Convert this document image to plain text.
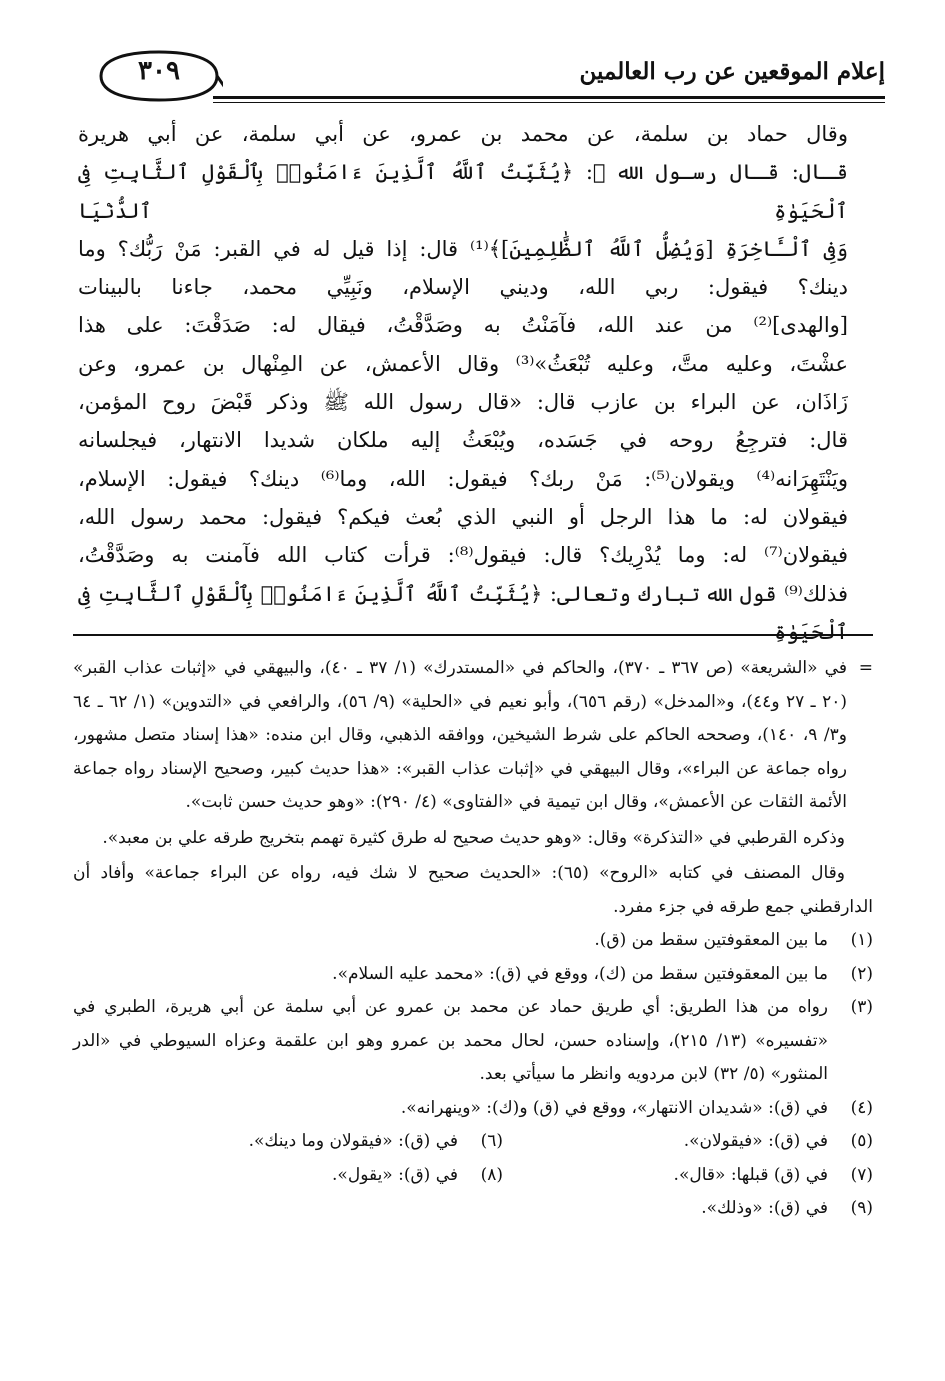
إعلام الموقعين عن رب العالمين
٣٠٩

وقال حماد بن سلمة، عن محمد بن عمرو، عن أبي سلمة، عن أبي هريرة

قـال: قـال رسـول الله ﷺ: ﴿يُثَبِّتُ ٱللَّهُ ٱلَّذِينَ ءَامَنُوا۟ بِٱلْقَوْلِ ٱلثَّابِتِ فِى ٱلْحَيَوٰةِ ٱلدُّنْيَا

وَفِى ٱلْـَٔاخِرَةِ [وَيُضِلُّ ٱللَّهُ ٱلظَّٰلِمِينَ]﴾⁽¹⁾ قال: إذا قيل له في القبر: مَنْ رَبُّك؟ وما

دينك؟ فيقول: ربي الله، وديني الإسلام، ونَبِيِّي محمد، جاءنا بالبينات

[والهدى]⁽²⁾ من عند الله، فآمَنْتُ به وصَدَّقْتُ، فيقال له: صَدَقْتَ: على هذا

عشْتَ، وعليه متَّ، وعليه تُبْعَثُ»⁽³⁾ وقال الأعمش، عن المِنْهال بن عمرو، وعن

زَاذَان، عن البراء بن عازب قال: «قال رسول الله ﷺ وذكر قَبْضَ روح المؤمن،

قال: فترجِعُ روحه في جَسَده، ويُبْعَثُ إليه ملكان شديدا الانتهار، فيجلسانه

ويَنْتَهِرَانه⁽⁴⁾ ويقولان⁽⁵⁾: مَنْ ربك؟ فيقول: الله، وما⁽⁶⁾ دينك؟ فيقول: الإسلام،

فيقولان له: ما هذا الرجل أو النبي الذي بُعث فيكم؟ فيقول: محمد رسول الله،

فيقولان⁽⁷⁾ له: وما يُدْرِيك؟ قال: فيقول⁽⁸⁾: قرأت كتاب الله فآمنت به وصَدَّقْتُ،

فذلك⁽⁹⁾ قول الله تبارك وتعالى: ﴿يُثَبِّتُ ٱللَّهُ ٱلَّذِينَ ءَامَنُوا۟ بِٱلْقَوْلِ ٱلثَّابِتِ فِى ٱلْحَيَوٰةِ

=
في «الشريعة» (ص ٣٦٧ ـ ٣٧٠)، والحاكم في «المستدرك» (١/ ٣٧ ـ ٤٠)، والبيهقي في «إثبات عذاب القبر» (٢٠ ـ ٢٧ و٤٤)، و«المدخل» (رقم ٦٥٦)، وأبو نعيم في «الحلية» (٩/ ٥٦)، والرافعي في «التدوين» (١/ ٦٢ ـ ٦٤ و٣/ ٩، ١٤٠)، وصححه الحاكم على شرط الشيخين، ووافقه الذهبي، وقال ابن منده: «هذا إسناد متصل مشهور، رواه جماعة عن البراء»، وقال البيهقي في «إثبات عذاب القبر»: «هذا حديث كبير، وصحيح الإسناد رواه جماعة الأئمة الثقات عن الأعمش»، وقال ابن تيمية في «الفتاوى» (٤/ ٢٩٠): «وهو حديث حسن ثابت».

وذكره القرطبي في «التذكرة» وقال: «وهو حديث صحيح له طرق كثيرة تهمم بتخريج طرقه علي بن معبد».

وقال المصنف في كتابه «الروح» (٦٥): «الحديث صحيح لا شك فيه، رواه عن البراء جماعة» وأفاد أن الدارقطني جمع طرقه في جزء مفرد.

(١)
ما بين المعقوفتين سقط من (ق).
(٢)
ما بين المعقوفتين سقط من (ك)، ووقع في (ق): «محمد عليه السلام».
(٣)
رواه من هذا الطريق: أي طريق حماد عن محمد بن عمرو عن أبي سلمة عن أبي هريرة، الطبري في «تفسيره» (١٣/ ٢١٥)، وإسناده حسن، لحال محمد بن عمرو وهو ابن علقمة وعزاه السيوطي في «الدر المنثور» (٥/ ٣٢) لابن مردويه وانظر ما سيأتي بعد.
(٤)
في (ق): «شديدان الانتهار»، ووقع في (ق) و(ك): «وينهرانه».
(٥)
في (ق): «فيقولان».
(٦)
في (ق): «فيقولان وما دينك».
(٧)
في (ق) قبلها: «قال».
(٨)
في (ق): «يقول».
(٩)
في (ق): «وذلك».
